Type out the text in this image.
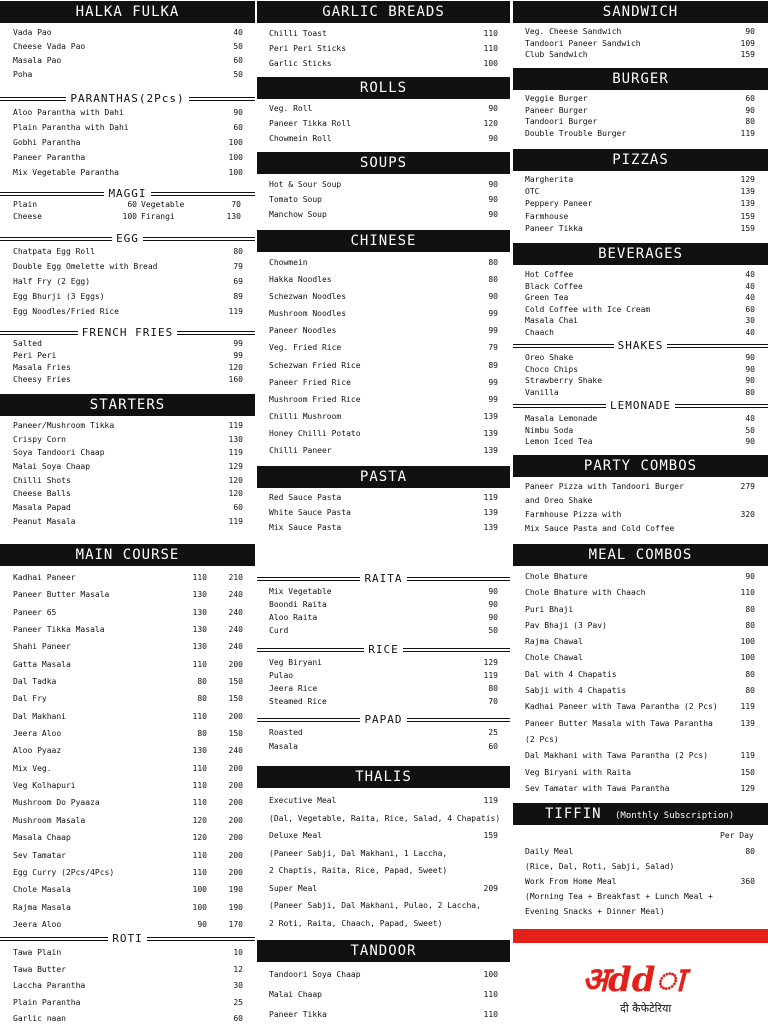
HALKA FULKA
Vada Pao	40
Cheese Vada Pao	50
Masala Pao	60
Poha	50
PARANTHAS(2Pcs)
Aloo Parantha with Dahi	90
Plain Parantha with Dahi	60
Gobhi Parantha	100
Paneer Parantha	100
Mix Vegetable Parantha	100
MAGGI
Plain	60 Vegetable	70
Cheese	100 Firangi	130
EGG
Chatpata Egg Roll	80
Double Egg Omelette with Bread	79
Half Fry (2 Egg)	69
Egg Bhurji (3 Eggs)	89
Egg Noodles/Fried Rice	119
FRENCH FRIES
Salted	99
Peri Peri	99
Masala Fries	120
Cheesy Fries	160
STARTERS
Paneer/Mushroom Tikka	119
Crispy Corn	130
Soya Tandoori Chaap	119
Malai Soya Chaap	129
Chilli Shots	120
Cheese Balls	120
Masala Papad	60
Peanut Masala	119
MAIN COURSE
Kadhai Paneer	110	210
Paneer Butter Masala	130	240
Paneer 65	130	240
Paneer Tikka Masala	130	240
Shahi Paneer	130	240
Gatta Masala	110	200
Dal Tadka	80	150
Dal Fry	80	150
Dal Makhani	110	200
Jeera Aloo	80	150
Aloo Pyaaz	130	240
Mix Veg.	110	200
Veg Kolhapuri	110	200
Mushroom Do Pyaaza	110	200
Mushroom Masala	120	200
Masala Chaap	120	200
Sev Tamatar	110	200
Egg Curry (2Pcs/4Pcs)	110	200
Chole Masala	100	190
Rajma Masala	100	190
Jeera Aloo	90	170
ROTI
Tawa Plain	10
Tawa Butter	12
Laccha Parantha	30
Plain Parantha	25
Garlic naan	60
GARLIC BREADS
Chilli Toast	110
Peri Peri Sticks	110
Garlic Sticks	100
ROLLS
Veg. Roll	90
Paneer Tikka Roll	120
Chowmein Roll	90
SOUPS
Hot & Sour Soup	90
Tomato Soup	90
Manchow Soup	90
CHINESE
Chowmein	80
Hakka Noodles	80
Schezwan Noodles	90
Mushroom Noodles	99
Paneer Noodles	99
Veg. Fried Rice	79
Schezwan Fried Rice	89
Paneer Fried Rice	99
Mushroom Fried Rice	99
Chilli Mushroom	139
Honey Chilli Potato	139
Chilli Paneer	139
PASTA
Red Sauce Pasta	119
White Sauce Pasta	139
Mix Sauce Pasta	139
RAITA
Mix Vegetable	90
Boondi Raita	90
Aloo Raita	90
Curd	50
RICE
Veg Biryani	129
Pulao	119
Jeera Rice	80
Steamed Rice	70
PAPAD
Roasted	25
Masala	60
THALIS
Executive Meal	119
(Dal, Vegetable, Raita, Rice, Salad, 4 Chapatis)
Deluxe Meal	159
(Paneer Sabji, Dal Makhani, 1 Laccha,
2 Chaptis, Raita, Rice, Papad, Sweet)
Super Meal	209
(Paneer Sabji, Dal Makhani, Pulao, 2 Laccha,
2 Roti, Raita, Chaach, Papad, Sweet)
TANDOOR
Tandoori Soya Chaap	100
Malai Chaap	110
Paneer Tikka	110
SANDWICH
Veg. Cheese Sandwich	90
Tandoori Paneer Sandwich	109
Club Sandwich	159
BURGER
Veggie Burger	60
Paneer Burger	90
Tandoori Burger	80
Double Trouble Burger	119
PIZZAS
Margherita	129
OTC	139
Peppery Paneer	139
Farmhouse	159
Paneer Tikka	159
BEVERAGES
Hot Coffee	40
Black Coffee	40
Green Tea	40
Cold Coffee with Ice Cream	60
Masala Chai	30
Chaach	40
SHAKES
Oreo Shake	90
Choco Chips	90
Strawberry Shake	90
Vanilla	80
LEMONADE
Masala Lemonade	40
Nimbu Soda	50
Lemon Iced Tea	90
PARTY COMBOS
Paneer Pizza with Tandoori Burger	279
and Oreo Shake
Farmhouse Pizza with	320
Mix Sauce Pasta and Cold Coffee
MEAL COMBOS
Chole Bhature	90
Chole Bhature with Chaach	110
Puri Bhaji	80
Pav Bhaji (3 Pav)	80
Rajma Chawal	100
Chole Chawal	100
Dal with 4 Chapatis	80
Sabji with 4 Chapatis	80
Kadhai Paneer with Tawa Parantha (2 Pcs)	119
Paneer Butter Masala with Tawa Parantha	139
(2 Pcs)
Dal Makhani with Tawa Parantha (2 Pcs)	119
Veg Biryani with Raita	150
Sev Tamatar with Tawa Parantha	129
TIFFIN (Monthly Subscription)
Per Day
Daily Meal	80
(Rice, Dal, Roti, Sabji, Salad)
Work From Home Meal	360
(Morning Tea + Breakfast + Lunch Meal +
Evening Snacks + Dinner Meal)
अddा
दी कैफेटेरिया
